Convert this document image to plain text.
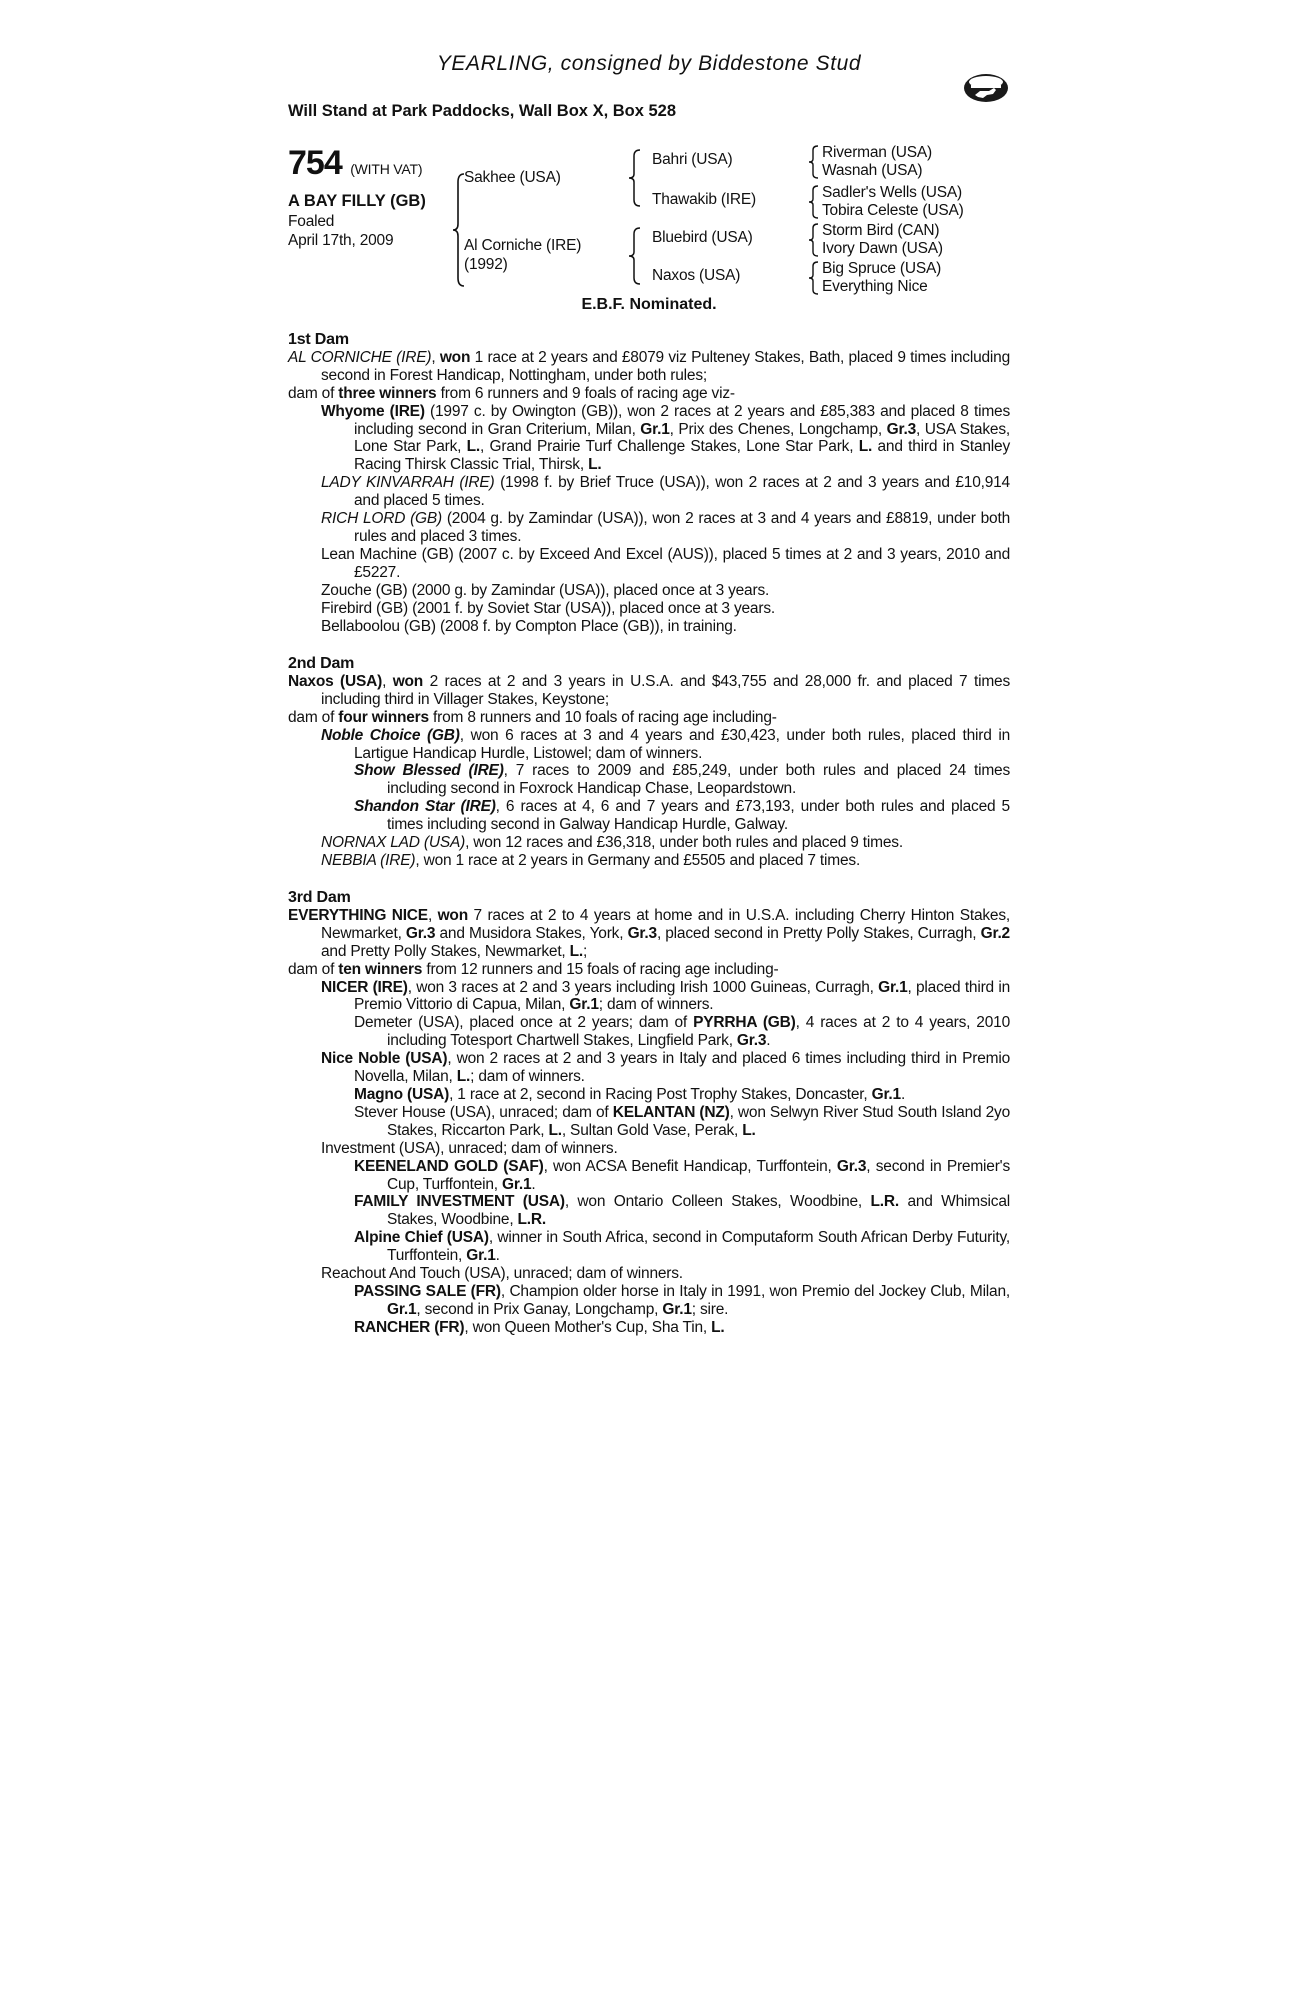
YEARLING, consigned by Biddestone Stud
Will Stand at Park Paddocks, Wall Box X, Box 528
754 (WITH VAT)
A BAY FILLY (GB)
Foaled
April 17th, 2009
Sakhee (USA)
Al Corniche (IRE)
(1992)
Bahri (USA)
Thawakib (IRE)
Bluebird (USA)
Naxos (USA)
Riverman (USA)
Wasnah (USA)
Sadler's Wells (USA)
Tobira Celeste (USA)
Storm Bird (CAN)
Ivory Dawn (USA)
Big Spruce (USA)
Everything Nice
E.B.F. Nominated.
1st Dam

AL CORNICHE (IRE), won 1 race at 2 years and £8079 viz Pulteney Stakes, Bath, placed 9 times including second in Forest Handicap, Nottingham, under both rules;

dam of three winners from 6 runners and 9 foals of racing age viz-

Whyome (IRE) (1997 c. by Owington (GB)), won 2 races at 2 years and £85,383 and placed 8 times including second in Gran Criterium, Milan, Gr.1, Prix des Chenes, Longchamp, Gr.3, USA Stakes, Lone Star Park, L., Grand Prairie Turf Challenge Stakes, Lone Star Park, L. and third in Stanley Racing Thirsk Classic Trial, Thirsk, L.

LADY KINVARRAH (IRE) (1998 f. by Brief Truce (USA)), won 2 races at 2 and 3 years and £10,914 and placed 5 times.

RICH LORD (GB) (2004 g. by Zamindar (USA)), won 2 races at 3 and 4 years and £8819, under both rules and placed 3 times.

Lean Machine (GB) (2007 c. by Exceed And Excel (AUS)), placed 5 times at 2 and 3 years, 2010 and £5227.

Zouche (GB) (2000 g. by Zamindar (USA)), placed once at 3 years.

Firebird (GB) (2001 f. by Soviet Star (USA)), placed once at 3 years.

Bellaboolou (GB) (2008 f. by Compton Place (GB)), in training.

2nd Dam

Naxos (USA), won 2 races at 2 and 3 years in U.S.A. and $43,755 and 28,000 fr. and placed 7 times including third in Villager Stakes, Keystone;

dam of four winners from 8 runners and 10 foals of racing age including-

Noble Choice (GB), won 6 races at 3 and 4 years and £30,423, under both rules, placed third in Lartigue Handicap Hurdle, Listowel; dam of winners.

Show Blessed (IRE), 7 races to 2009 and £85,249, under both rules and placed 24 times including second in Foxrock Handicap Chase, Leopardstown.

Shandon Star (IRE), 6 races at 4, 6 and 7 years and £73,193, under both rules and placed 5 times including second in Galway Handicap Hurdle, Galway.

NORNAX LAD (USA), won 12 races and £36,318, under both rules and placed 9 times.

NEBBIA (IRE), won 1 race at 2 years in Germany and £5505 and placed 7 times.

3rd Dam

EVERYTHING NICE, won 7 races at 2 to 4 years at home and in U.S.A. including Cherry Hinton Stakes, Newmarket, Gr.3 and Musidora Stakes, York, Gr.3, placed second in Pretty Polly Stakes, Curragh, Gr.2 and Pretty Polly Stakes, Newmarket, L.;

dam of ten winners from 12 runners and 15 foals of racing age including-

NICER (IRE), won 3 races at 2 and 3 years including Irish 1000 Guineas, Curragh, Gr.1, placed third in Premio Vittorio di Capua, Milan, Gr.1; dam of winners.

Demeter (USA), placed once at 2 years; dam of PYRRHA (GB), 4 races at 2 to 4 years, 2010 including Totesport Chartwell Stakes, Lingfield Park, Gr.3.

Nice Noble (USA), won 2 races at 2 and 3 years in Italy and placed 6 times including third in Premio Novella, Milan, L.; dam of winners.

Magno (USA), 1 race at 2, second in Racing Post Trophy Stakes, Doncaster, Gr.1.

Stever House (USA), unraced; dam of KELANTAN (NZ), won Selwyn River Stud South Island 2yo Stakes, Riccarton Park, L., Sultan Gold Vase, Perak, L.

Investment (USA), unraced; dam of winners.

KEENELAND GOLD (SAF), won ACSA Benefit Handicap, Turffontein, Gr.3, second in Premier's Cup, Turffontein, Gr.1.

FAMILY INVESTMENT (USA), won Ontario Colleen Stakes, Woodbine, L.R. and Whimsical Stakes, Woodbine, L.R.

Alpine Chief (USA), winner in South Africa, second in Computaform South African Derby Futurity, Turffontein, Gr.1.

Reachout And Touch (USA), unraced; dam of winners.

PASSING SALE (FR), Champion older horse in Italy in 1991, won Premio del Jockey Club, Milan, Gr.1, second in Prix Ganay, Longchamp, Gr.1; sire.

RANCHER (FR), won Queen Mother's Cup, Sha Tin, L.
